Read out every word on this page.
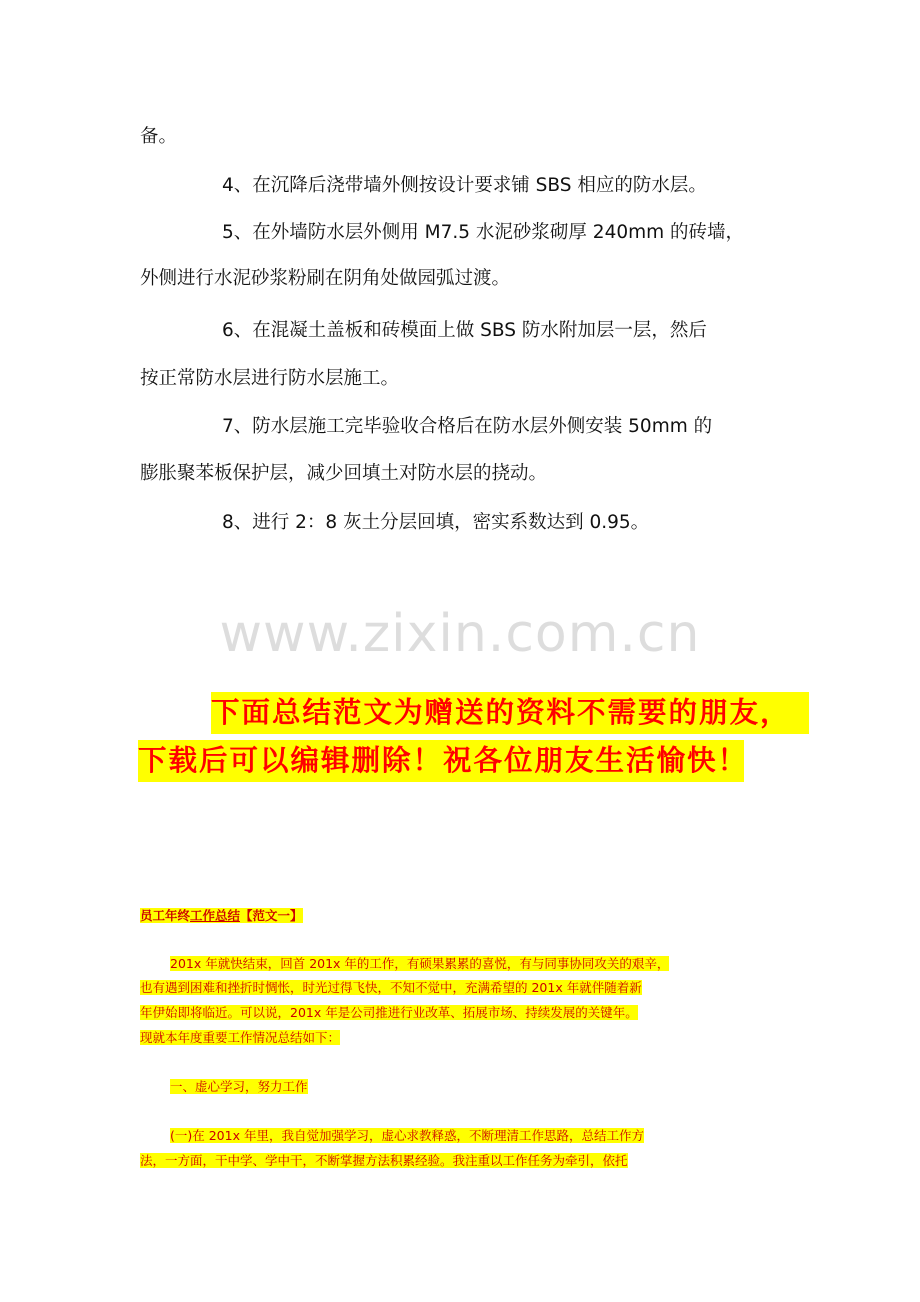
备。
4、在沉降后浇带墙外侧按设计要求铺 SBS 相应的防水层。
5、在外墙防水层外侧用 M7.5 水泥砂浆砌厚 240mm 的砖墙，
外侧进行水泥砂浆粉刷在阴角处做园弧过渡。
6、在混凝土盖板和砖模面上做 SBS 防水附加层一层，然后
按正常防水层进行防水层施工。
7、防水层施工完毕验收合格后在防水层外侧安装 50mm 的
膨胀聚苯板保护层，减少回填土对防水层的挠动。
8、进行 2：8 灰土分层回填，密实系数达到 0.95。
www.zixin.com.cn
下面总结范文为赠送的资料不需要的朋友，
下载后可以编辑删除！祝各位朋友生活愉快！
员工年终工作总结【范文一】
201x 年就快结束，回首 201x 年的工作，有硕果累累的喜悦，有与同事协同攻关的艰辛，
也有遇到困难和挫折时惆怅，时光过得飞快，不知不觉中，充满希望的 201x 年就伴随着新
年伊始即将临近。可以说，201x 年是公司推进行业改革、拓展市场、持续发展的关键年。
现就本年度重要工作情况总结如下：
一、虚心学习，努力工作
(一)在 201x 年里，我自觉加强学习，虚心求教释惑，不断理清工作思路，总结工作方
法，一方面，干中学、学中干，不断掌握方法积累经验。我注重以工作任务为牵引，依托
